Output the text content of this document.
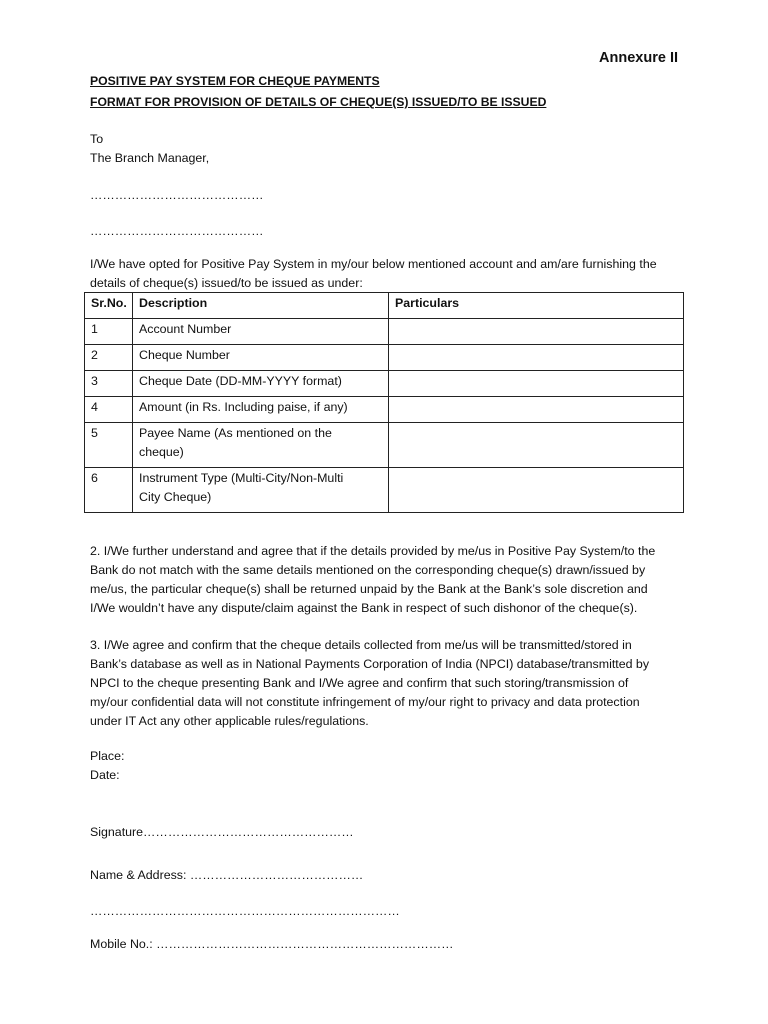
Annexure II
POSITIVE PAY SYSTEM FOR CHEQUE PAYMENTS
FORMAT FOR PROVISION OF DETAILS OF CHEQUE(S) ISSUED/TO BE ISSUED
To
The Branch Manager,
……………………………………
……………………………………
I/We have opted for Positive Pay System in my/our below mentioned account and am/are furnishing the
details of cheque(s) issued/to be issued as under:
Sr.No.	Description	Particulars
1	Account Number	
2	Cheque Number	
3	Cheque Date (DD-MM-YYYY format)	
4	Amount (in Rs. Including paise, if any)	
5	Payee Name (As mentioned on the
cheque)	
6	Instrument Type (Multi-City/Non-Multi
City Cheque)	
2. I/We further understand and agree that if the details provided by me/us in Positive Pay System/to the
Bank do not match with the same details mentioned on the corresponding cheque(s) drawn/issued by
me/us, the particular cheque(s) shall be returned unpaid by the Bank at the Bank’s sole discretion and
I/We wouldn’t have any dispute/claim against the Bank in respect of such dishonor of the cheque(s).
3. I/We agree and confirm that the cheque details collected from me/us will be transmitted/stored in
Bank’s database as well as in National Payments Corporation of India (NPCI) database/transmitted by
NPCI to the cheque presenting Bank and I/We agree and confirm that such storing/transmission of
my/our confidential data will not constitute infringement of my/our right to privacy and data protection
under IT Act any other applicable rules/regulations.
Place:
Date:
Signature……………………………………………
Name & Address: ……………………………………
…………………………………………………………………
Mobile No.: ………………………………………………………………
